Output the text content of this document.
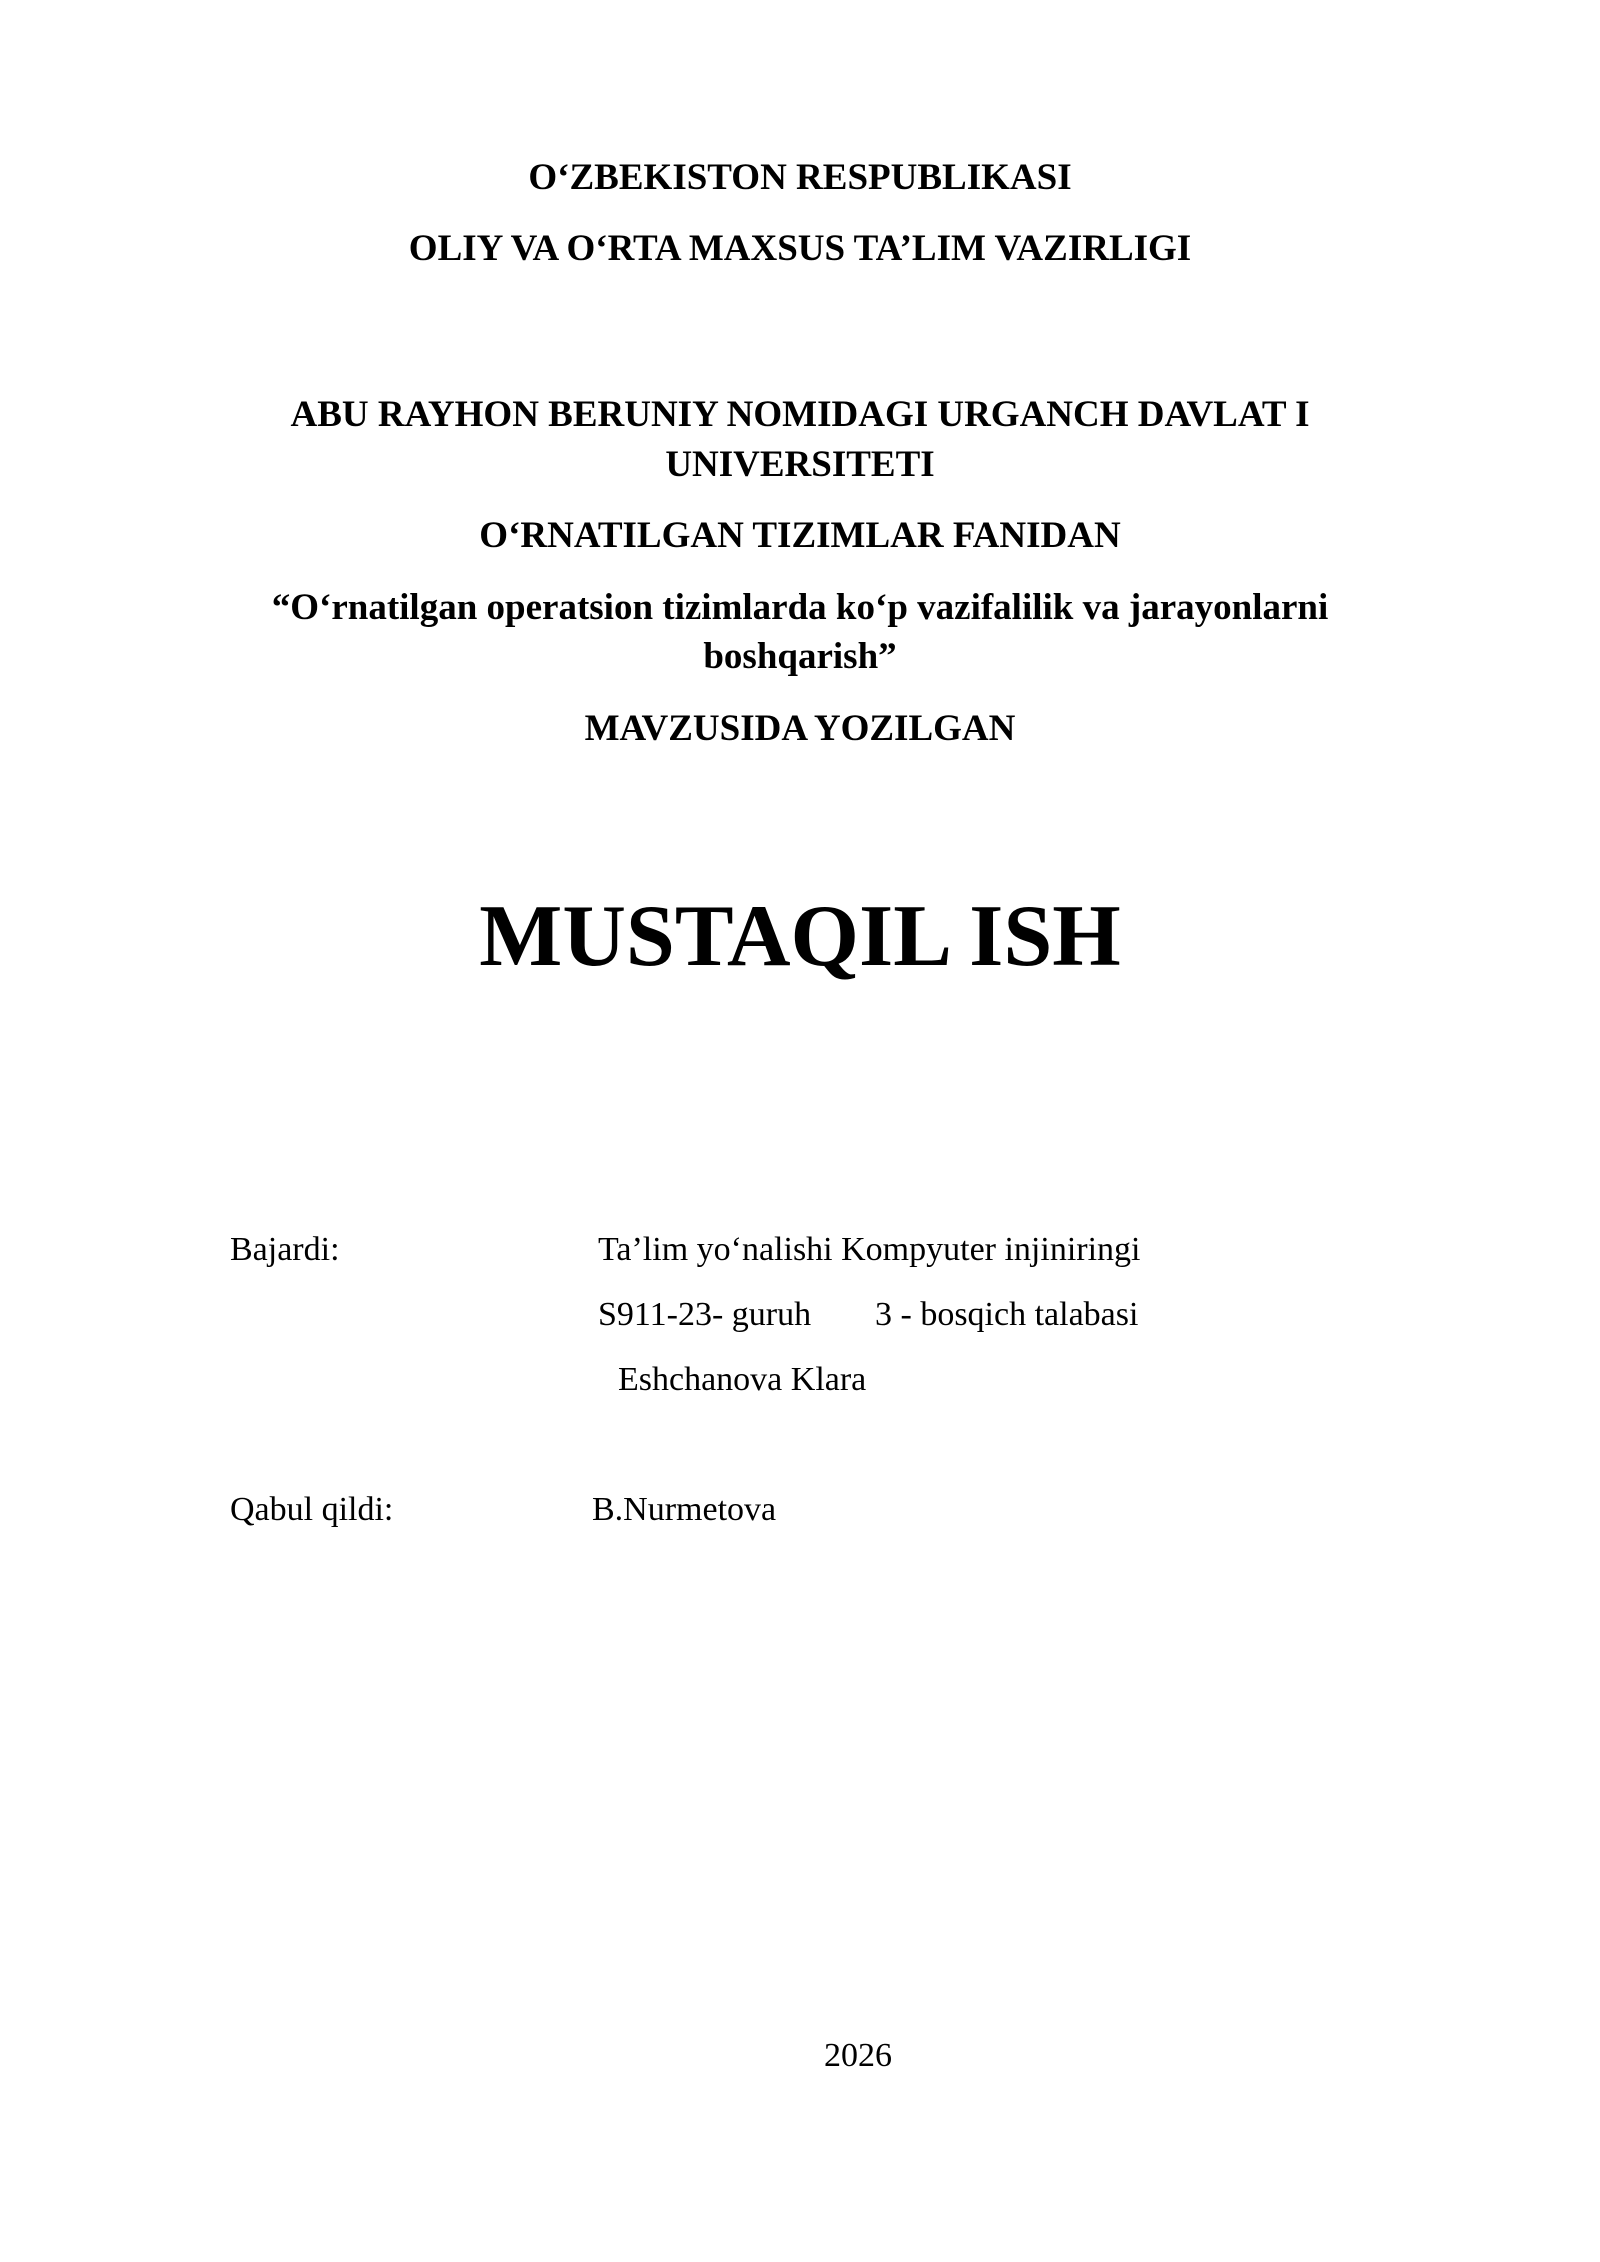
O‘ZBEKISTON RESPUBLIKASI
OLIY VA O‘RTA MAXSUS TA’LIM VAZIRLIGI
ABU RAYHON BERUNIY NOMIDAGI URGANCH DAVLAT I
UNIVERSITETI
O‘RNATILGAN TIZIMLAR FANIDAN
“O‘rnatilgan operatsion tizimlarda ko‘p vazifalilik va jarayonlarni
boshqarish”
MAVZUSIDA YOZILGAN
MUSTAQIL ISH
Bajardi:	Ta’lim yo‘nalishi Kompyuter injiniringi
S911-23- guruh 3 - bosqich talabasi
Eshchanova Klara
Qabul qildi:	B.Nurmetova
2026
